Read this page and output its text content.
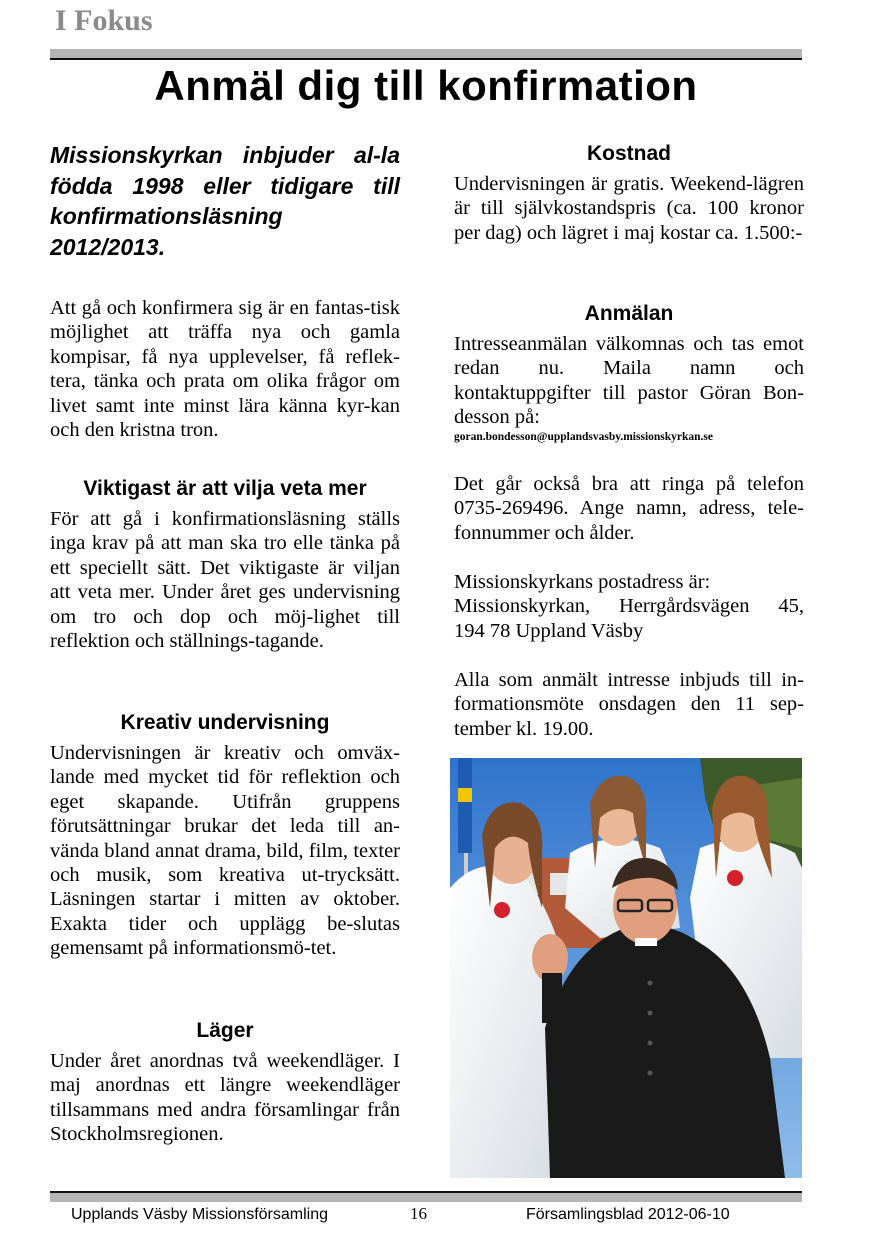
I Fokus
Anmäl dig till konfirmation

Missionskyrkan inbjuder al-la födda 1998 eller tidigare till konfirmationsläsning 2012/2013.

Att gå och konfirmera sig är en fantas-tisk möjlighet att träffa nya och gamla kompisar, få nya upplevelser, få reflek-tera, tänka och prata om olika frågor om livet samt inte minst lära känna kyr-kan och den kristna tron.

Viktigast är att vilja veta mer

För att gå i konfirmationsläsning ställs inga krav på att man ska tro elle tänka på ett speciellt sätt. Det viktigaste är viljan att veta mer. Under året ges undervisning om tro och dop och möj-lighet till reflektion och ställnings-tagande.

Kreativ undervisning

Undervisningen är kreativ och omväx-lande med mycket tid för reflektion och eget skapande. Utifrån gruppens förutsättningar brukar det leda till an-vända bland annat drama, bild, film, texter och musik, som kreativa ut-trycksätt. Läsningen startar i mitten av oktober. Exakta tider och upplägg be-slutas gemensamt på informationsmö-tet.

Läger

Under året anordnas två weekendläger. I maj anordnas ett längre weekendläger tillsammans med andra församlingar från Stockholmsregionen.

Kostnad

Undervisningen är gratis. Weekend-lägren är till självkostandspris (ca. 100 kronor per dag) och lägret i maj kostar ca. 1.500:-

Anmälan

Intresseanmälan välkomnas och tas emot redan nu. Maila namn och kontaktuppgifter till pastor Göran Bon-desson på:

goran.bondesson@upplandsvasby.missionskyrkan.se

Det går också bra att ringa på telefon 0735-269496. Ange namn, adress, tele-fonnummer och ålder.

Missionskyrkans postadress är:
Missionskyrkan, Herrgårdsvägen 45,
194 78 Uppland Väsby

Alla som anmält intresse inbjuds till in-formationsmöte onsdagen den 11 sep-tember kl. 19.00.

Upplands Väsby Missionsförsamling	16	Församlingsblad 2012-06-10
